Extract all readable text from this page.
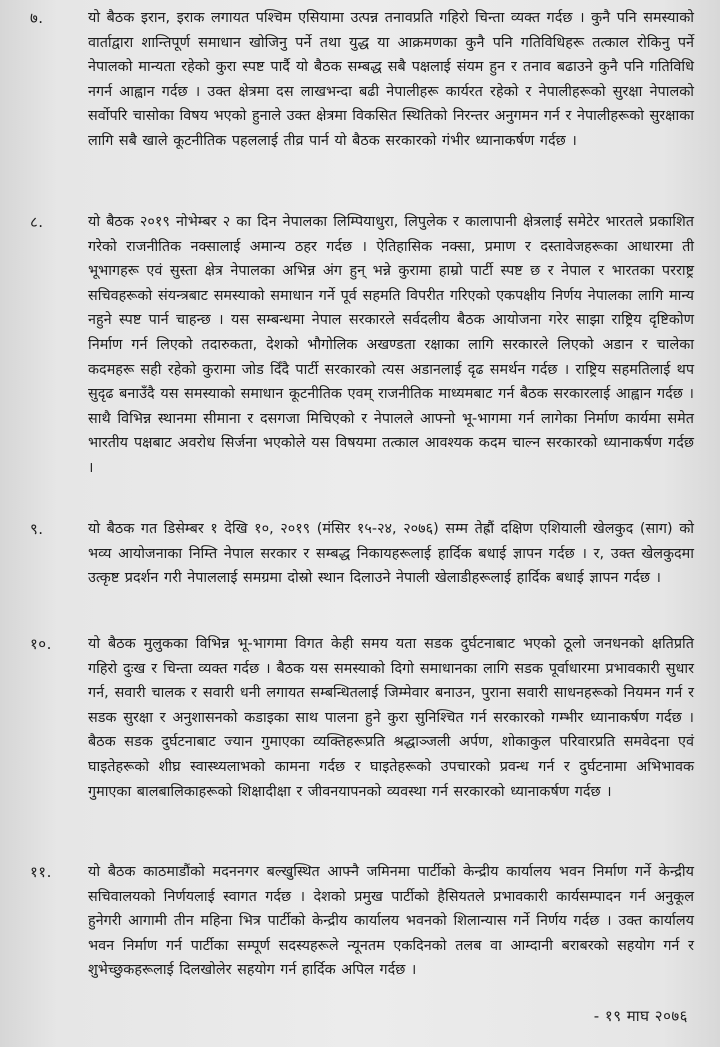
७.	यो बैठक इरान, इराक लगायत पश्चिम एसियामा उत्पन्न तनावप्रति गहिरो चिन्ता व्यक्त गर्दछ । कुनै पनि समस्याको वार्ताद्वारा शान्तिपूर्ण समाधान खोजिनु पर्ने तथा युद्ध या आक्रमणका कुनै पनि गतिविधिहरू तत्काल रोकिनु पर्ने नेपालको मान्यता रहेको कुरा स्पष्ट पार्दै यो बैठक सम्बद्ध सबै पक्षलाई संयम हुन र तनाव बढाउने कुनै पनि गतिविधि नगर्न आह्वान गर्दछ । उक्त क्षेत्रमा दस लाखभन्दा बढी नेपालीहरू कार्यरत रहेको र नेपालीहरूको सुरक्षा नेपालको सर्वोपरि चासोका विषय भएको हुनाले उक्त क्षेत्रमा विकसित स्थितिको निरन्तर अनुगमन गर्न र नेपालीहरूको सुरक्षाका लागि सबै खाले कूटनीतिक पहललाई तीव्र पार्न यो बैठक सरकारको गंभीर ध्यानाकर्षण गर्दछ ।
८.	यो बैठक २०१९ नोभेम्बर २ का दिन नेपालका लिम्पियाधुरा, लिपुलेक र कालापानी क्षेत्रलाई समेटेर भारतले प्रकाशित गरेको राजनीतिक नक्सालाई अमान्य ठहर गर्दछ । ऐतिहासिक नक्सा, प्रमाण र दस्तावेजहरूका आधारमा ती भूभागहरू एवं सुस्ता क्षेत्र नेपालका अभिन्न अंग हुन् भन्ने कुरामा हाम्रो पार्टी स्पष्ट छ र नेपाल र भारतका परराष्ट्र सचिवहरूको संयन्त्रबाट समस्याको समाधान गर्ने पूर्व सहमति विपरीत गरिएको एकपक्षीय निर्णय नेपालका लागि मान्य नहुने स्पष्ट पार्न चाहन्छ । यस सम्बन्धमा नेपाल सरकारले सर्वदलीय बैठक आयोजना गरेर साझा राष्ट्रिय दृष्टिकोण निर्माण गर्न लिएको तदारुकता, देशको भौगोलिक अखण्डता रक्षाका लागि सरकारले लिएको अडान र चालेका कदमहरू सही रहेको कुरामा जोड दिँदै पार्टी सरकारको त्यस अडानलाई दृढ समर्थन गर्दछ । राष्ट्रिय सहमतिलाई थप सुदृढ बनाउँदै यस समस्याको समाधान कूटनीतिक एवम् राजनीतिक माध्यमबाट गर्न बैठक सरकारलाई आह्वान गर्दछ । साथै विभिन्न स्थानमा सीमाना र दसगजा मिचिएको र नेपालले आफ्नो भू-भागमा गर्न लागेका निर्माण कार्यमा समेत भारतीय पक्षबाट अवरोध सिर्जना भएकोले यस विषयमा तत्काल आवश्यक कदम चाल्न सरकारको ध्यानाकर्षण गर्दछ ।
९.	यो बैठक गत डिसेम्बर १ देखि १०, २०१९ (मंसिर १५-२४, २०७६) सम्म तेह्रौं दक्षिण एशियाली खेलकुद (साग) को भव्य आयोजनाका निम्ति नेपाल सरकार र सम्बद्ध निकायहरूलाई हार्दिक बधाई ज्ञापन गर्दछ । र, उक्त खेलकुदमा उत्कृष्ट प्रदर्शन गरी नेपाललाई समग्रमा दोस्रो स्थान दिलाउने नेपाली खेलाडीहरूलाई हार्दिक बधाई ज्ञापन गर्दछ ।
१०.	यो बैठक मुलुकका विभिन्न भू-भागमा विगत केही समय यता सडक दुर्घटनाबाट भएको ठूलो जनधनको क्षतिप्रति गहिरो दुःख र चिन्ता व्यक्त गर्दछ । बैठक यस समस्याको दिगो समाधानका लागि सडक पूर्वाधारमा प्रभावकारी सुधार गर्न, सवारी चालक र सवारी धनी लगायत सम्बन्धितलाई जिम्मेवार बनाउन, पुराना सवारी साधनहरूको नियमन गर्न र सडक सुरक्षा र अनुशासनको कडाइका साथ पालना हुने कुरा सुनिश्चित गर्न सरकारको गम्भीर ध्यानाकर्षण गर्दछ । बैठक सडक दुर्घटनाबाट ज्यान गुमाएका व्यक्तिहरूप्रति श्रद्धाञ्जली अर्पण, शोकाकुल परिवारप्रति समवेदना एवं घाइतेहरूको शीघ्र स्वास्थ्यलाभको कामना गर्दछ र घाइतेहरूको उपचारको प्रवन्ध गर्न र दुर्घटनामा अभिभावक गुमाएका बालबालिकाहरूको शिक्षादीक्षा र जीवनयापनको व्यवस्था गर्न सरकारको ध्यानाकर्षण गर्दछ ।
११.	यो बैठक काठमाडौंको मदननगर बल्खुस्थित आफ्नै जमिनमा पार्टीको केन्द्रीय कार्यालय भवन निर्माण गर्ने केन्द्रीय सचिवालयको निर्णयलाई स्वागत गर्दछ । देशको प्रमुख पार्टीको हैसियतले प्रभावकारी कार्यसम्पादन गर्न अनुकूल हुनेगरी आगामी तीन महिना भित्र पार्टीको केन्द्रीय कार्यालय भवनको शिलान्यास गर्ने निर्णय गर्दछ । उक्त कार्यालय भवन निर्माण गर्न पार्टीका सम्पूर्ण सदस्यहरूले न्यूनतम एकदिनको तलब वा आम्दानी बराबरको सहयोग गर्न र शुभेच्छुकहरूलाई दिलखोलेर सहयोग गर्न हार्दिक अपिल गर्दछ ।
- १९ माघ २०७६
